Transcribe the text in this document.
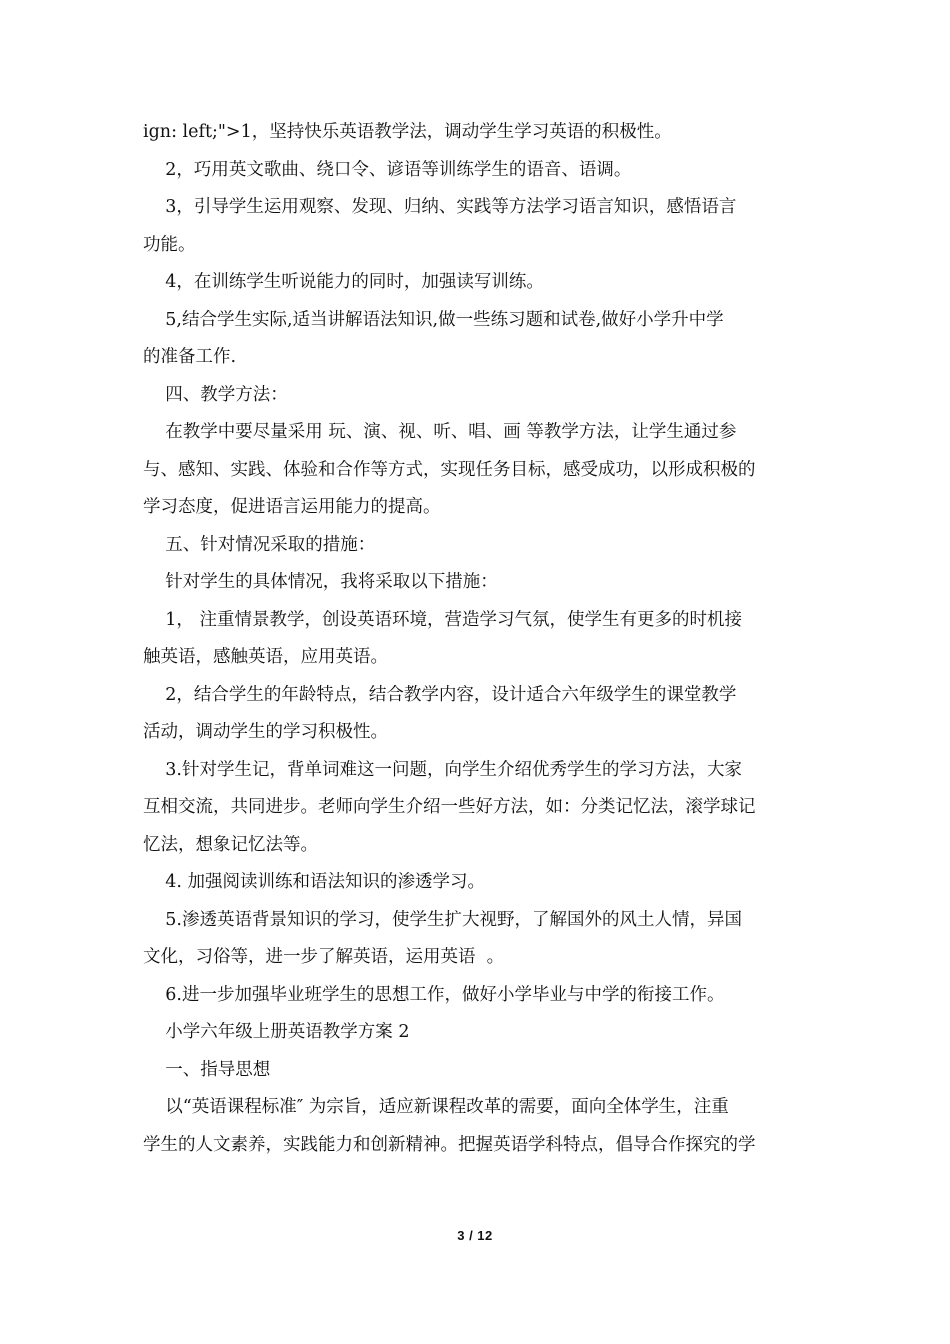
ign: left;">1，坚持快乐英语教学法，调动学生学习英语的积极性。
2，巧用英文歌曲、绕口令、谚语等训练学生的语音、语调。
3，引导学生运用观察、发现、归纳、实践等方法学习语言知识，感悟语言
功能。
4，在训练学生听说能力的同时，加强读写训练。
5,结合学生实际,适当讲解语法知识,做一些练习题和试卷,做好小学升中学
的准备工作.
四、教学方法：
在教学中要尽量采用 玩、演、视、听、唱、画 等教学方法，让学生通过参
与、感知、实践、体验和合作等方式，实现任务目标，感受成功，以形成积极的
学习态度，促进语言运用能力的提高。
五、针对情况采取的措施：
针对学生的具体情况，我将采取以下措施：
1， 注重情景教学，创设英语环境，营造学习气氛，使学生有更多的时机接
触英语，感触英语，应用英语。
2，结合学生的年龄特点，结合教学内容，设计适合六年级学生的课堂教学
活动，调动学生的学习积极性。
3.针对学生记，背单词难这一问题，向学生介绍优秀学生的学习方法，大家
互相交流，共同进步。老师向学生介绍一些好方法，如：分类记忆法，滚学球记
忆法，想象记忆法等。
4. 加强阅读训练和语法知识的渗透学习。
5.渗透英语背景知识的学习，使学生扩大视野，了解国外的风土人情，异国
文化，习俗等，进一步了解英语，运用英语  。
6.进一步加强毕业班学生的思想工作，做好小学毕业与中学的衔接工作。
小学六年级上册英语教学方案 2
一、指导思想
以“英语课程标准″ 为宗旨，适应新课程改革的需要，面向全体学生，注重
学生的人文素养，实践能力和创新精神。把握英语学科特点，倡导合作探究的学
3 / 12
